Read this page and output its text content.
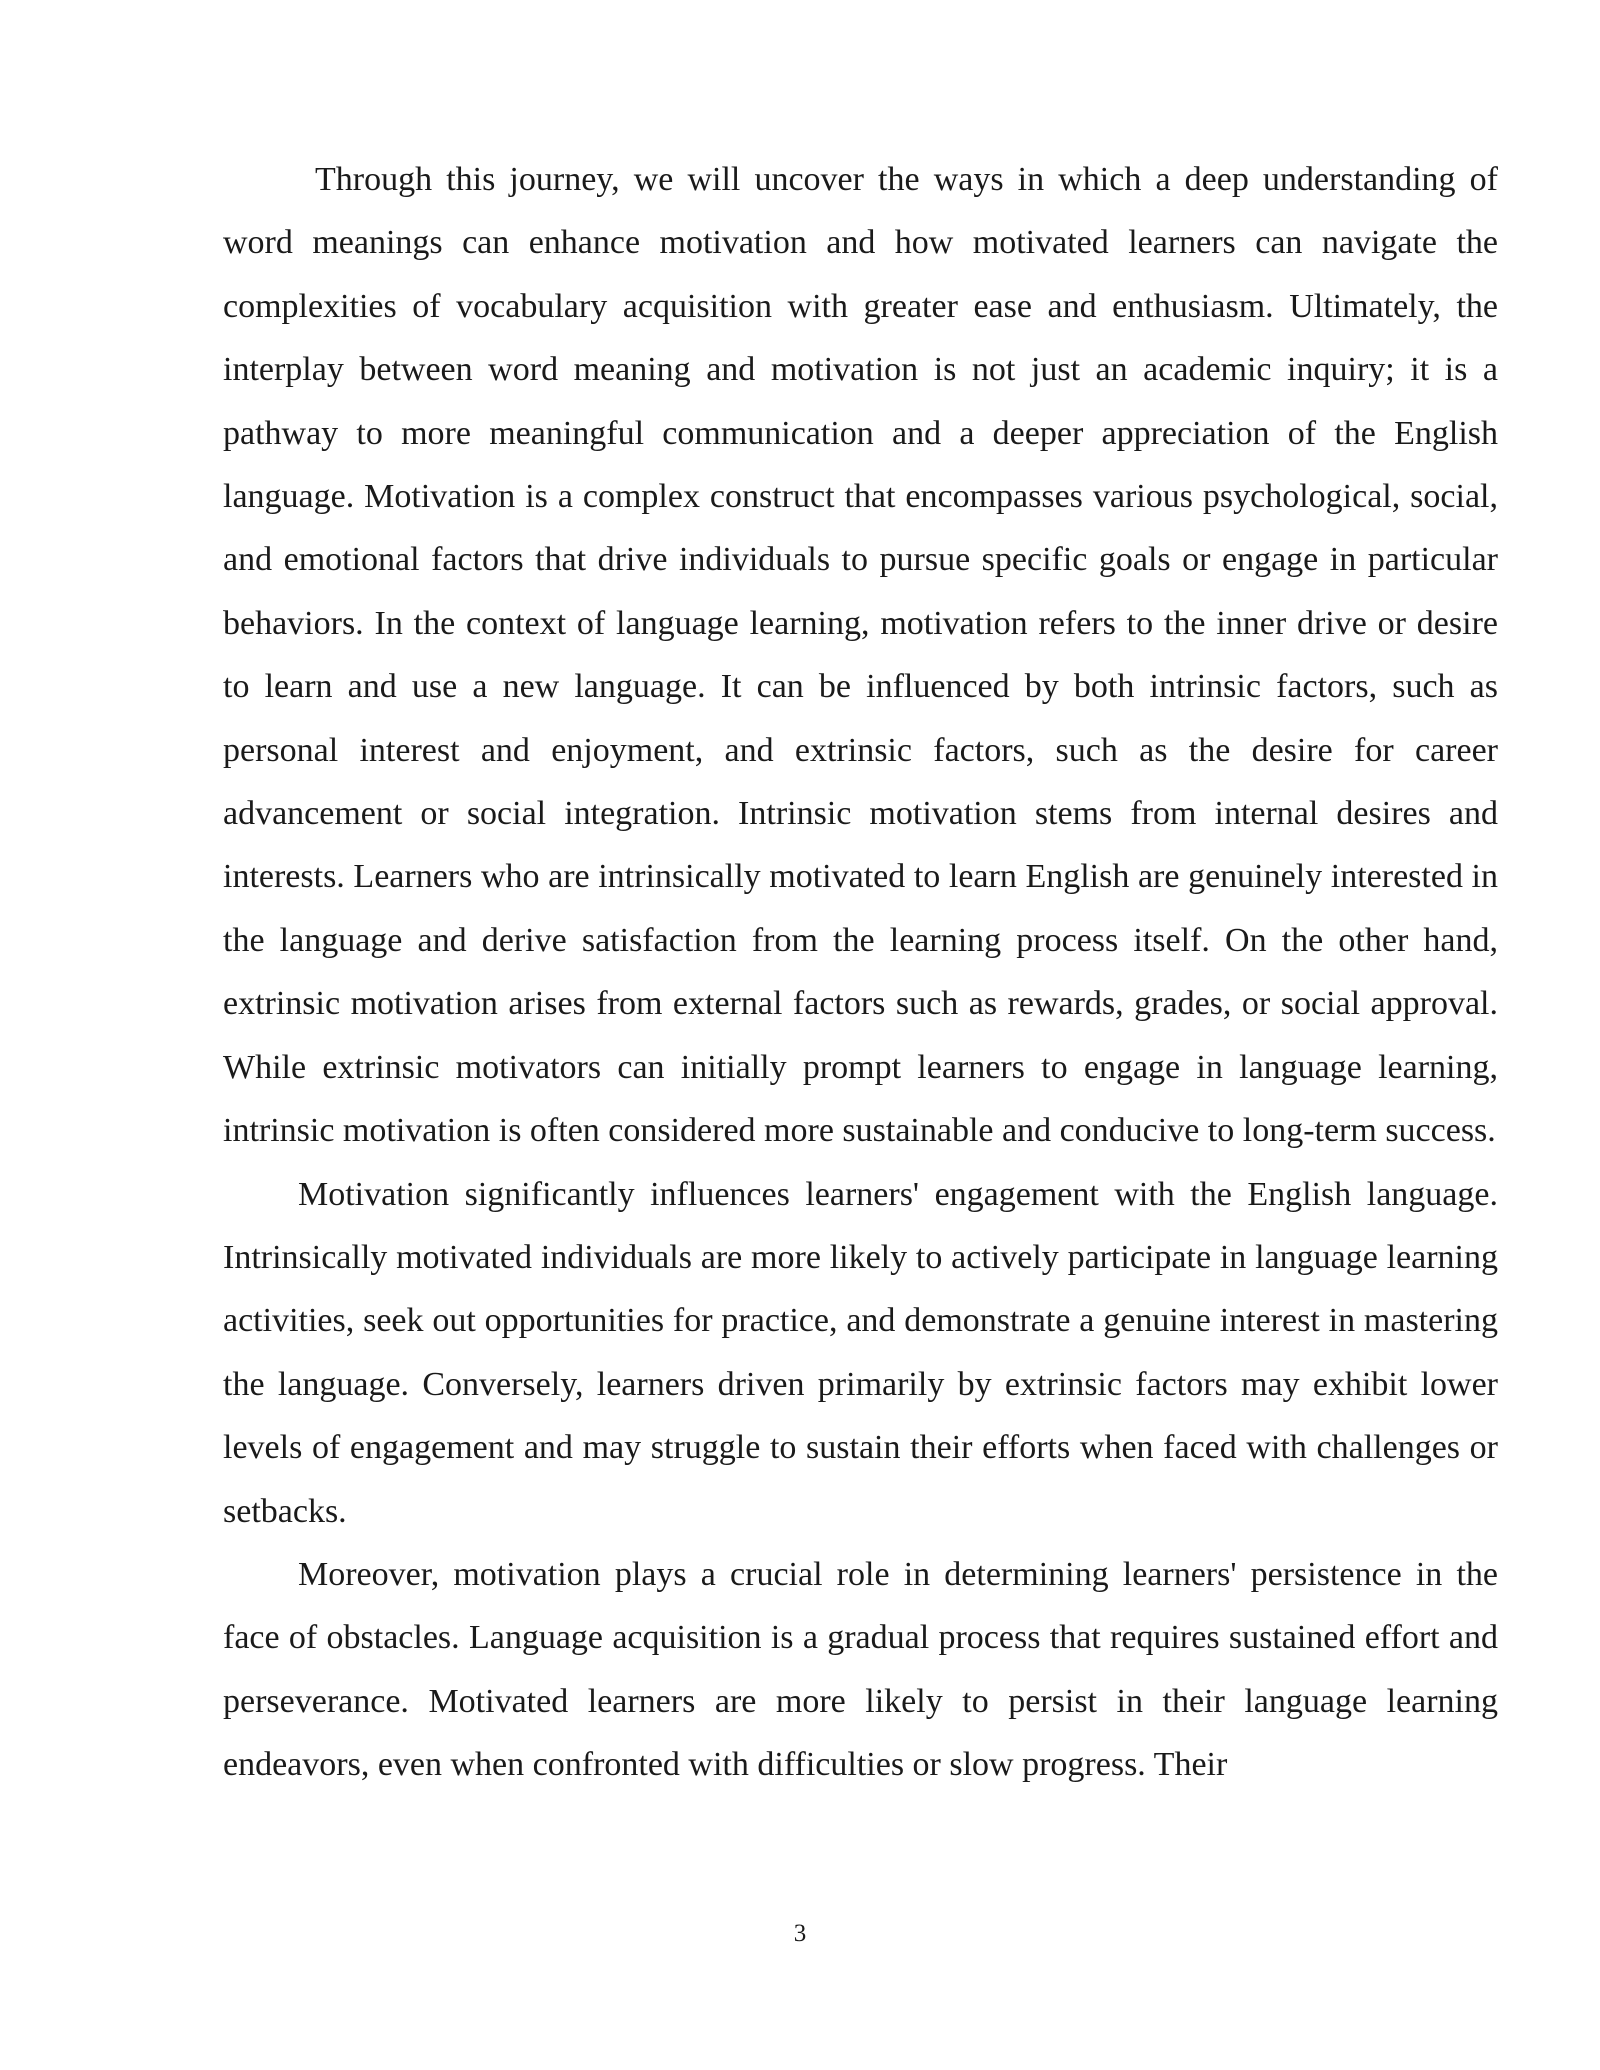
Through this journey, we will uncover the ways in which a deep understanding of word meanings can enhance motivation and how motivated learners can navigate the complexities of vocabulary acquisition with greater ease and enthusiasm. Ultimately, the interplay between word meaning and motivation is not just an academic inquiry; it is a pathway to more meaningful communication and a deeper appreciation of the English language. Motivation is a complex construct that encompasses various psychological, social, and emotional factors that drive individuals to pursue specific goals or engage in particular behaviors. In the context of language learning, motivation refers to the inner drive or desire to learn and use a new language. It can be influenced by both intrinsic factors, such as personal interest and enjoyment, and extrinsic factors, such as the desire for career advancement or social integration. Intrinsic motivation stems from internal desires and interests. Learners who are intrinsically motivated to learn English are genuinely interested in the language and derive satisfaction from the learning process itself. On the other hand, extrinsic motivation arises from external factors such as rewards, grades, or social approval. While extrinsic motivators can initially prompt learners to engage in language learning, intrinsic motivation is often considered more sustainable and conducive to long-term success.

Motivation significantly influences learners' engagement with the English language. Intrinsically motivated individuals are more likely to actively participate in language learning activities, seek out opportunities for practice, and demonstrate a genuine interest in mastering the language. Conversely, learners driven primarily by extrinsic factors may exhibit lower levels of engagement and may struggle to sustain their efforts when faced with challenges or setbacks.

Moreover, motivation plays a crucial role in determining learners' persistence in the face of obstacles. Language acquisition is a gradual process that requires sustained effort and perseverance. Motivated learners are more likely to persist in their language learning endeavors, even when confronted with difficulties or slow progress. Their

3
